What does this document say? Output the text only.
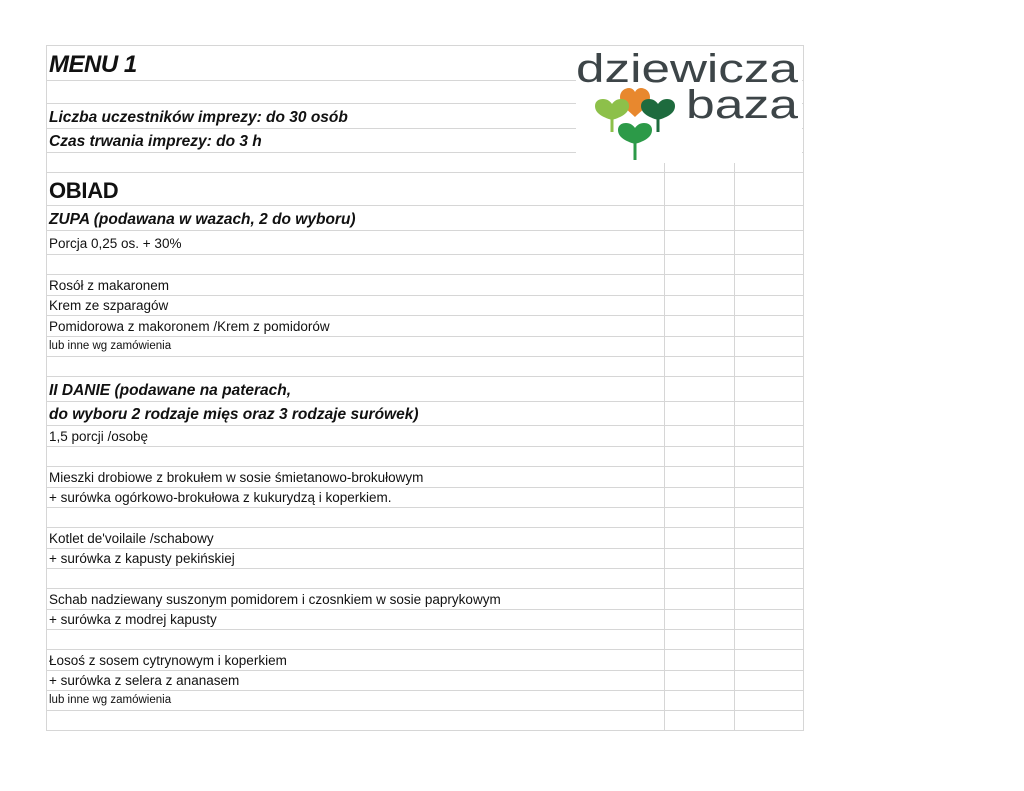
MENU 1
Liczba uczestników imprezy: do 30 osób
Czas trwania imprezy: do 3 h
OBIAD
ZUPA (podawana w wazach, 2 do wyboru)
Porcja 0,25 os. + 30%
Rosół z makaronem
Krem ze szparagów
Pomidorowa z makoronem /Krem z pomidorów
lub inne wg zamówienia
II DANIE (podawane na paterach,
do wyboru 2 rodzaje mięs oraz 3 rodzaje surówek)
1,5 porcji /osobę
Mieszki drobiowe z brokułem w sosie śmietanowo-brokułowym
+ surówka ogórkowo-brokułowa z kukurydzą i koperkiem.
Kotlet de'voilaile /schabowy
+ surówka z kapusty pekińskiej
Schab nadziewany suszonym pomidorem i czosnkiem w sosie paprykowym
+ surówka z modrej kapusty
Łosoś z sosem cytrynowym i koperkiem
+ surówka z selera z ananasem
lub inne wg zamówienia
dziewicza
baza
